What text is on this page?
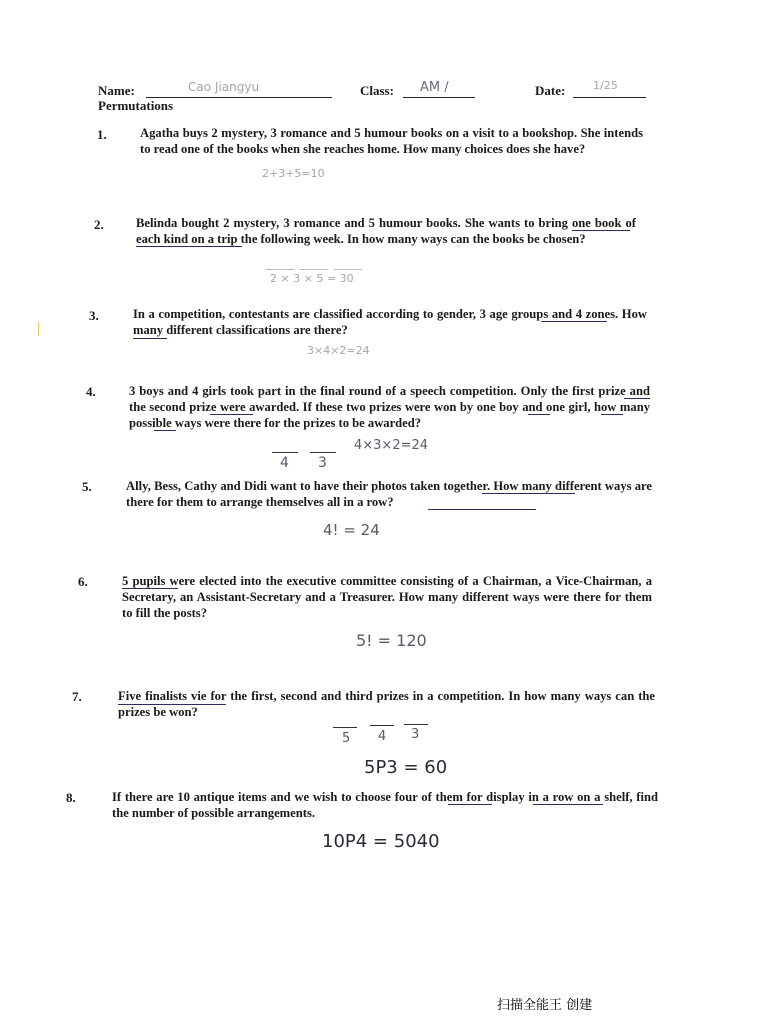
Name:	Cao Jiangyu	Class: AM /	Date:	1/25
Permutations
1.	Agatha buys 2 mystery, 3 romance and 5 humour books on a visit to a bookshop. She intends to read one of the books when she reaches home. How many choices does she have?
2+3+5=10
2.	Belinda bought 2 mystery, 3 romance and 5 humour books. She wants to bring one book of each kind on a trip the following week. In how many ways can the books be chosen?
2 × 3 × 5 = 30
3.	In a competition, contestants are classified according to gender, 3 age groups and 4 zones. How many different classifications are there?
3×4×2=24
4.	3 boys and 4 girls took part in the final round of a speech competition. Only the first prize and the second prize were awarded. If these two prizes were won by one boy and one girl, how many possible ways were there for the prizes to be awarded?
4 3
4×3×2=24
5.	Ally, Bess, Cathy and Didi want to have their photos taken together. How many different ways are there for them to arrange themselves all in a row?
4! = 24
6.	5 pupils were elected into the executive committee consisting of a Chairman, a Vice-Chairman, a Secretary, an Assistant-Secretary and a Treasurer. How many different ways were there for them to fill the posts?
5! = 120
7.	Five finalists vie for the first, second and third prizes in a competition. In how many ways can the prizes be won?
5 4 3
5P3 = 60
8.	If there are 10 antique items and we wish to choose four of them for display in a row on a shelf, find the number of possible arrangements.
10P4 = 5040
扫描全能王 创建
